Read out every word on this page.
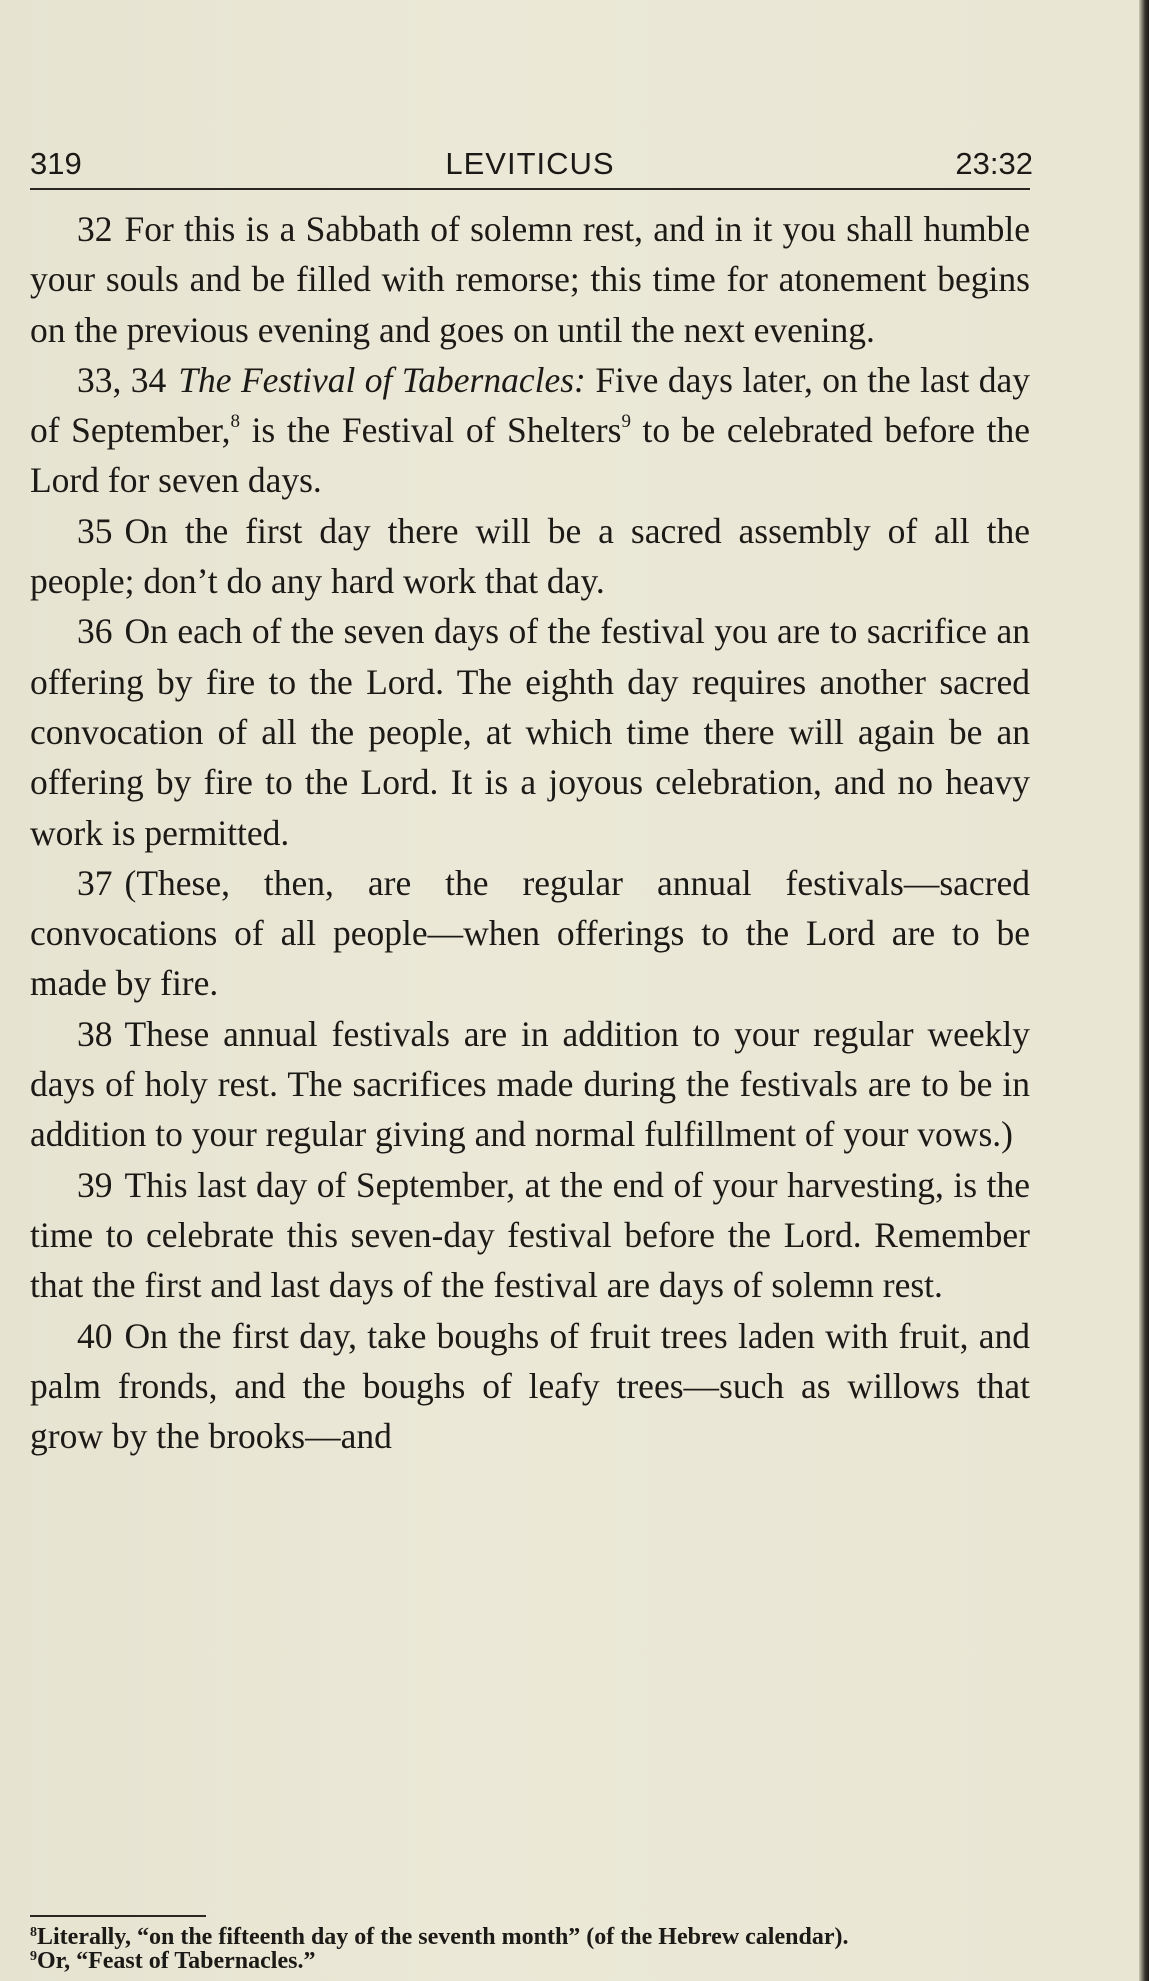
319	LEVITICUS	23:32

32 For this is a Sabbath of solemn rest, and in it you shall humble your souls and be filled with remorse; this time for atonement begins on the previous evening and goes on until the next evening.

33, 34 The Festival of Tabernacles: Five days later, on the last day of September,$^8$ is the Festival of Shelters$^9$ to be celebrated before the Lord for seven days.

35 On the first day there will be a sacred assembly of all the people; don’t do any hard work that day.

36 On each of the seven days of the festival you are to sacrifice an offering by fire to the Lord. The eighth day requires another sacred convocation of all the people, at which time there will again be an offering by fire to the Lord. It is a joyous celebration, and no heavy work is permitted.

37 (These, then, are the regular annual festivals—sacred convocations of all people—when offerings to the Lord are to be made by fire.

38 These annual festivals are in addition to your regular weekly days of holy rest. The sacrifices made during the festivals are to be in addition to your regular giving and normal fulfillment of your vows.)

39 This last day of September, at the end of your harvesting, is the time to celebrate this seven-day festival before the Lord. Remember that the first and last days of the festival are days of solemn rest.

40 On the first day, take boughs of fruit trees laden with fruit, and palm fronds, and the boughs of leafy trees—such as willows that grow by the brooks—and

$^8$Literally, “on the fifteenth day of the seventh month” (of the Hebrew calendar).

$^9$Or, “Feast of Tabernacles.”
